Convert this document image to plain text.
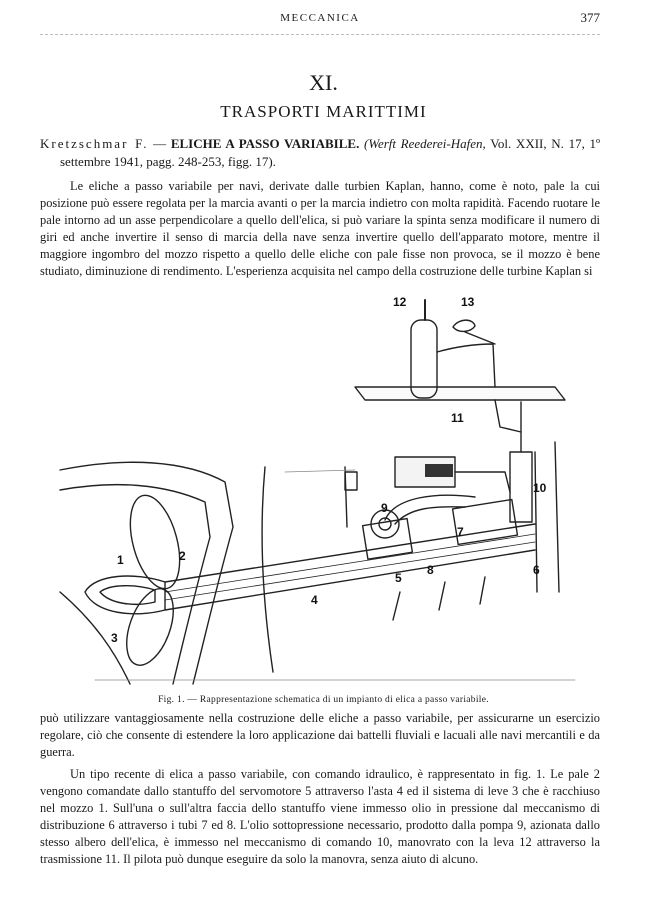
MECCANICA	377
XI.
TRASPORTI MARITTIMI
Kretzschmar F. — ELICHE A PASSO VARIABILE. (Werft Reederei-Hafen, Vol. XXII, N. 17, 1º settembre 1941, pagg. 248-253, figg. 17).

Le eliche a passo variabile per navi, derivate dalle turbien Kaplan, hanno, come è noto, pale la cui posizione può essere regolata per la marcia avanti o per la marcia indietro con molta rapidità. Facendo ruotare le pale intorno ad un asse perpendicolare a quello dell'elica, si può variare la spinta senza modificare il numero di giri ed anche invertire il senso di marcia della nave senza invertire quello dell'apparato motore, mentre il maggiore ingombro del mozzo rispetto a quello delle eliche con pale fisse non provoca, se il mozzo è bene studiato, diminuzione di rendimento. L'esperienza acquisita nel campo della costruzione delle turbine Kaplan si

1	2
3
4
5
6
7
8
9
10
11
12	13
Fig. 1. — Rappresentazione schematica di un impianto di elica a passo variabile.

può utilizzare vantaggiosamente nella costruzione delle eliche a passo variabile, per assicurarne un esercizio regolare, ciò che consente di estendere la loro applicazione dai battelli fluviali e lacuali alle navi mercantili e da guerra.

Un tipo recente di elica a passo variabile, con comando idraulico, è rappresentato in fig. 1. Le pale 2 vengono comandate dallo stantuffo del servomotore 5 attraverso l'asta 4 ed il sistema di leve 3 che è racchiuso nel mozzo 1. Sull'una o sull'altra faccia dello stantuffo viene immesso olio in pressione dal meccanismo di distribuzione 6 attraverso i tubi 7 ed 8. L'olio sottopressione necessario, prodotto dalla pompa 9, azionata dallo stesso albero dell'elica, è immesso nel meccanismo di comando 10, manovrato con la leva 12 attraverso la trasmissione 11. Il pilota può dunque eseguire da solo la manovra, senza aiuto di alcuno.
